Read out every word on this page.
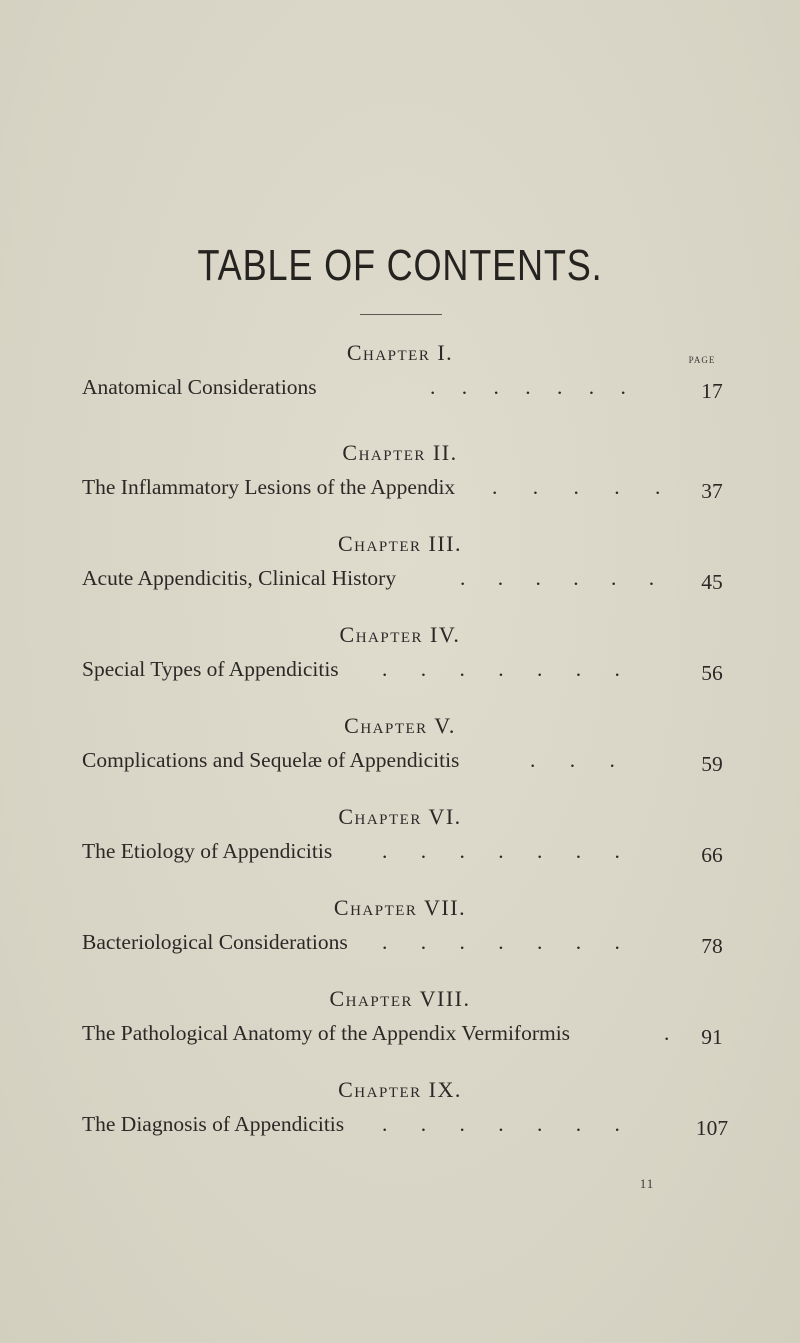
TABLE OF CONTENTS.
PAGE
Chapter I.
Anatomical Considerations	. . . . . . .	17
Chapter II.
The Inflammatory Lesions of the Appendix . . . . .	37
Chapter III.
Acute Appendicitis, Clinical History	. . . . . .	45
Chapter IV.
Special Types of Appendicitis . . . . . . .	56
Chapter V.
Complications and Sequelæ of Appendicitis	. . .	59
Chapter VI.
The Etiology of Appendicitis . . . . . . .	66
Chapter VII.
Bacteriological Considerations . . . . . . .	78
Chapter VIII.
The Pathological Anatomy of the Appendix Vermiformis	.	91
Chapter IX.
The Diagnosis of Appendicitis . . . . . . .	107
11
